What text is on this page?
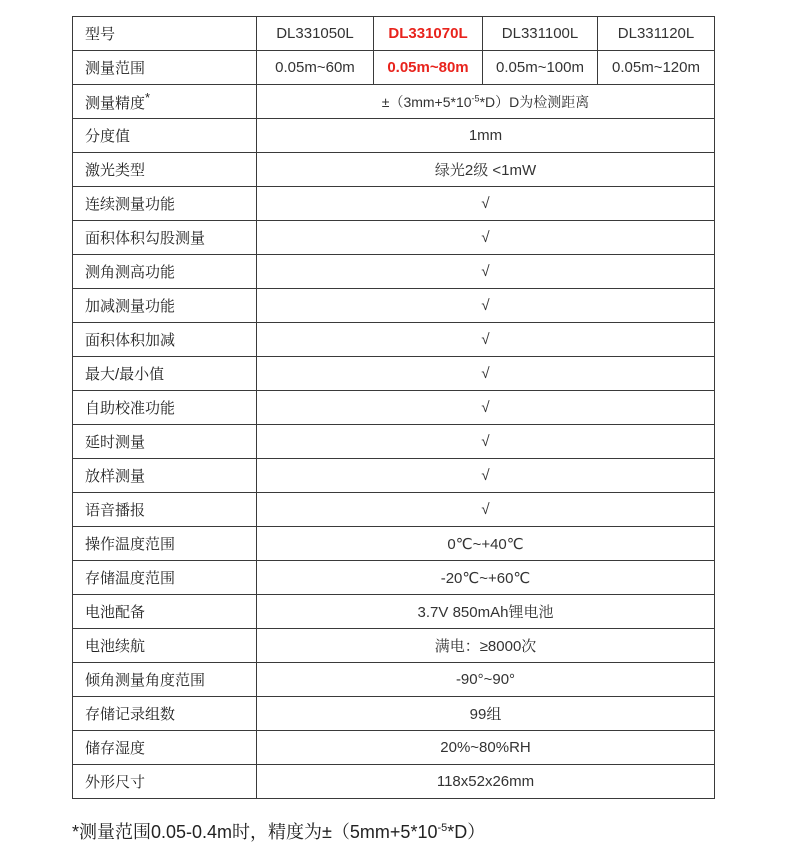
型号	DL331050L	DL331070L	DL331100L	DL331120L
测量范围	0.05m~60m	0.05m~80m	0.05m~100m	0.05m~120m
测量精度*	$\pm(3mm+5*10^{-5}*D)D$为检测距离			
分度值	1mm			
激光类型	绿光2级 <1mW			
连续测量功能	√			
面积体积勾股测量	√			
测角测高功能	√			
加减测量功能	√			
面积体积加减	√			
最大/最小值	√			
自助校准功能	√			
延时测量	√			
放样测量	√			
语音播报	√			
操作温度范围	0℃~+40℃			
存储温度范围	-20℃~+60℃			
电池配备	3.7V 850mAh锂电池			
电池续航	满电：≥8000次			
倾角测量角度范围	-90°~90°			
存储记录组数	99组			
储存湿度	20%~80%RH			
外形尺寸	118x52x26mm			
*测量范围0.05-0.4m时，精度为$\pm(5mm+5*10^{-5}*D)$
